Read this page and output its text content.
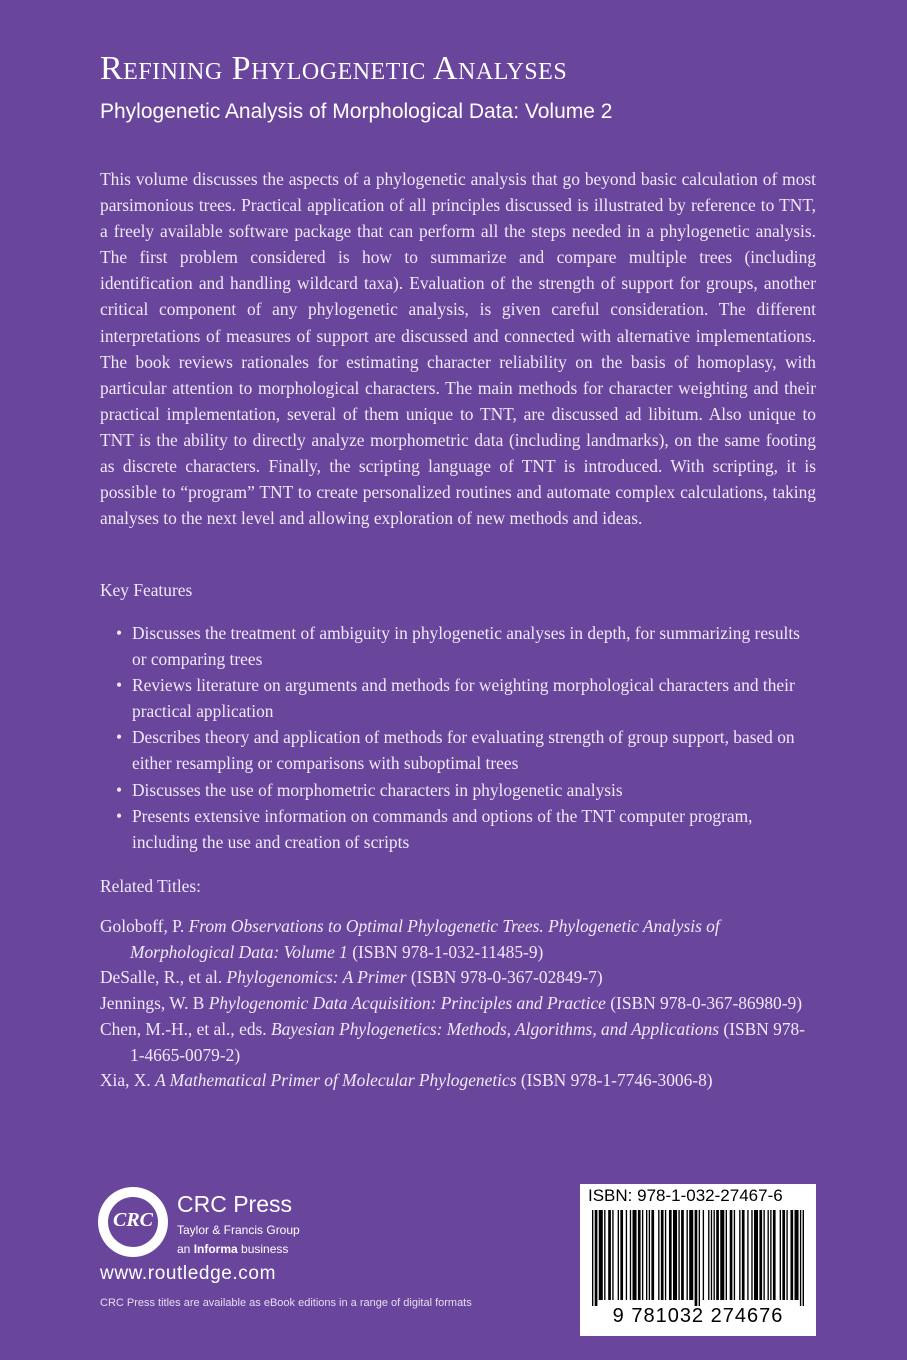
Refining Phylogenetic Analyses
Phylogenetic Analysis of Morphological Data: Volume 2

This volume discusses the aspects of a phylogenetic analysis that go beyond basic calculation of most parsimonious trees. Practical application of all principles discussed is illustrated by reference to TNT, a freely available software package that can perform all the steps needed in a phylogenetic analysis. The first problem considered is how to summarize and compare multiple trees (including identification and handling wildcard taxa). Evaluation of the strength of support for groups, another critical component of any phylogenetic analysis, is given careful consideration. The different interpretations of measures of support are discussed and connected with alternative implementations. The book reviews rationales for estimating character reliability on the basis of homoplasy, with particular attention to morphological characters. The main methods for character weighting and their practical implementation, several of them unique to TNT, are discussed ad libitum. Also unique to TNT is the ability to directly analyze morphometric data (including landmarks), on the same footing as discrete characters. Finally, the scripting language of TNT is introduced. With scripting, it is possible to “program” TNT to create personalized routines and automate complex calculations, taking analyses to the next level and allowing exploration of new methods and ideas.

Key Features

• Discusses the treatment of ambiguity in phylogenetic analyses in depth, for summarizing results or comparing trees
• Reviews literature on arguments and methods for weighting morphological characters and their practical application
• Describes theory and application of methods for evaluating strength of group support, based on either resampling or comparisons with suboptimal trees
• Discusses the use of morphometric characters in phylogenetic analysis
• Presents extensive information on commands and options of the TNT computer program, including the use and creation of scripts

Related Titles:

Goloboff, P. From Observations to Optimal Phylogenetic Trees. Phylogenetic Analysis of Morphological Data: Volume 1 (ISBN 978-1-032-11485-9)
DeSalle, R., et al. Phylogenomics: A Primer (ISBN 978-0-367-02849-7)
Jennings, W. B Phylogenomic Data Acquisition: Principles and Practice (ISBN 978-0-367-86980-9)
Chen, M.-H., et al., eds. Bayesian Phylogenetics: Methods, Algorithms, and Applications (ISBN 978-1-4665-0079-2)
Xia, X. A Mathematical Primer of Molecular Phylogenetics (ISBN 978-1-7746-3006-8)
CRC
CRC Press
Taylor & Francis Group
an Informa business
www.routledge.com
CRC Press titles are available as eBook editions in a range of digital formats
ISBN: 978-1-032-27467-6
9 781032 274676
